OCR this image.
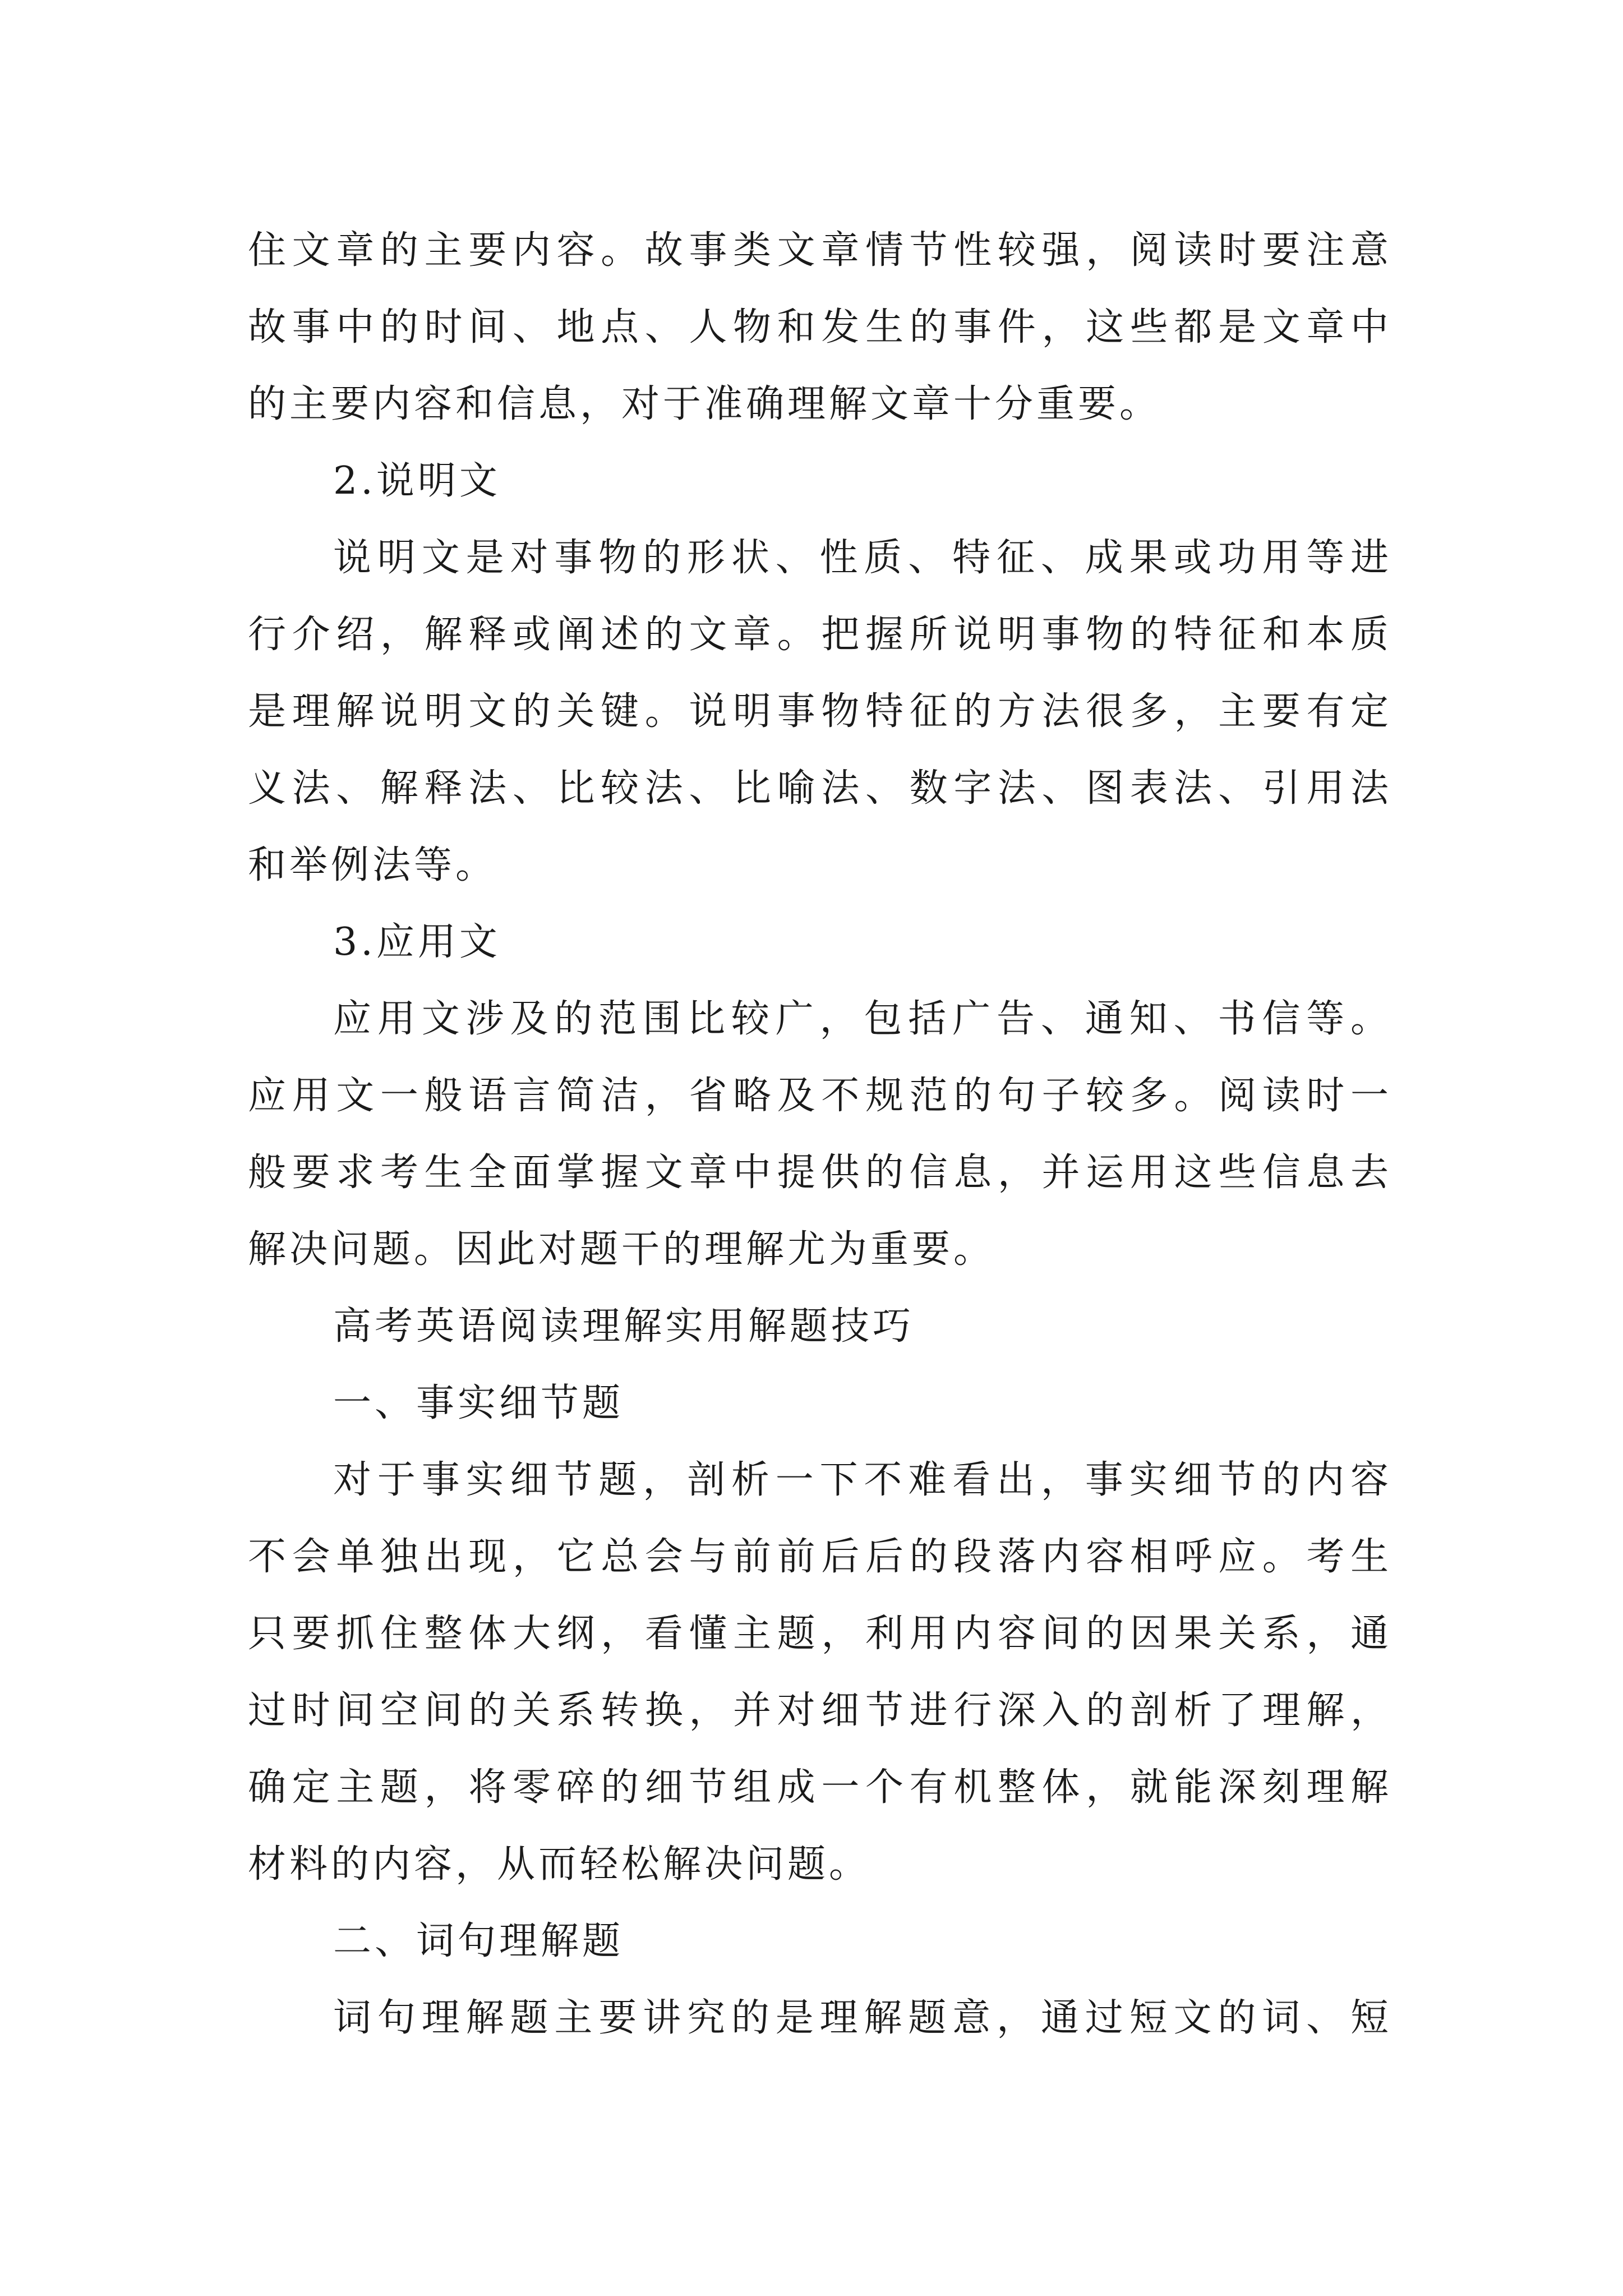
住文章的主要内容。故事类文章情节性较强，阅读时要注意
故事中的时间、地点、人物和发生的事件，这些都是文章中
的主要内容和信息，对于准确理解文章十分重要。
2.说明文
说明文是对事物的形状、性质、特征、成果或功用等进
行介绍，解释或阐述的文章。把握所说明事物的特征和本质
是理解说明文的关键。说明事物特征的方法很多，主要有定
义法、解释法、比较法、比喻法、数字法、图表法、引用法
和举例法等。
3.应用文
应用文涉及的范围比较广，包括广告、通知、书信等。
应用文一般语言简洁，省略及不规范的句子较多。阅读时一
般要求考生全面掌握文章中提供的信息，并运用这些信息去
解决问题。因此对题干的理解尤为重要。
高考英语阅读理解实用解题技巧
一、事实细节题
对于事实细节题，剖析一下不难看出，事实细节的内容
不会单独出现，它总会与前前后后的段落内容相呼应。考生
只要抓住整体大纲，看懂主题，利用内容间的因果关系，通
过时间空间的关系转换，并对细节进行深入的剖析了理解，
确定主题，将零碎的细节组成一个有机整体，就能深刻理解
材料的内容，从而轻松解决问题。
二、词句理解题
词句理解题主要讲究的是理解题意，通过短文的词、短
